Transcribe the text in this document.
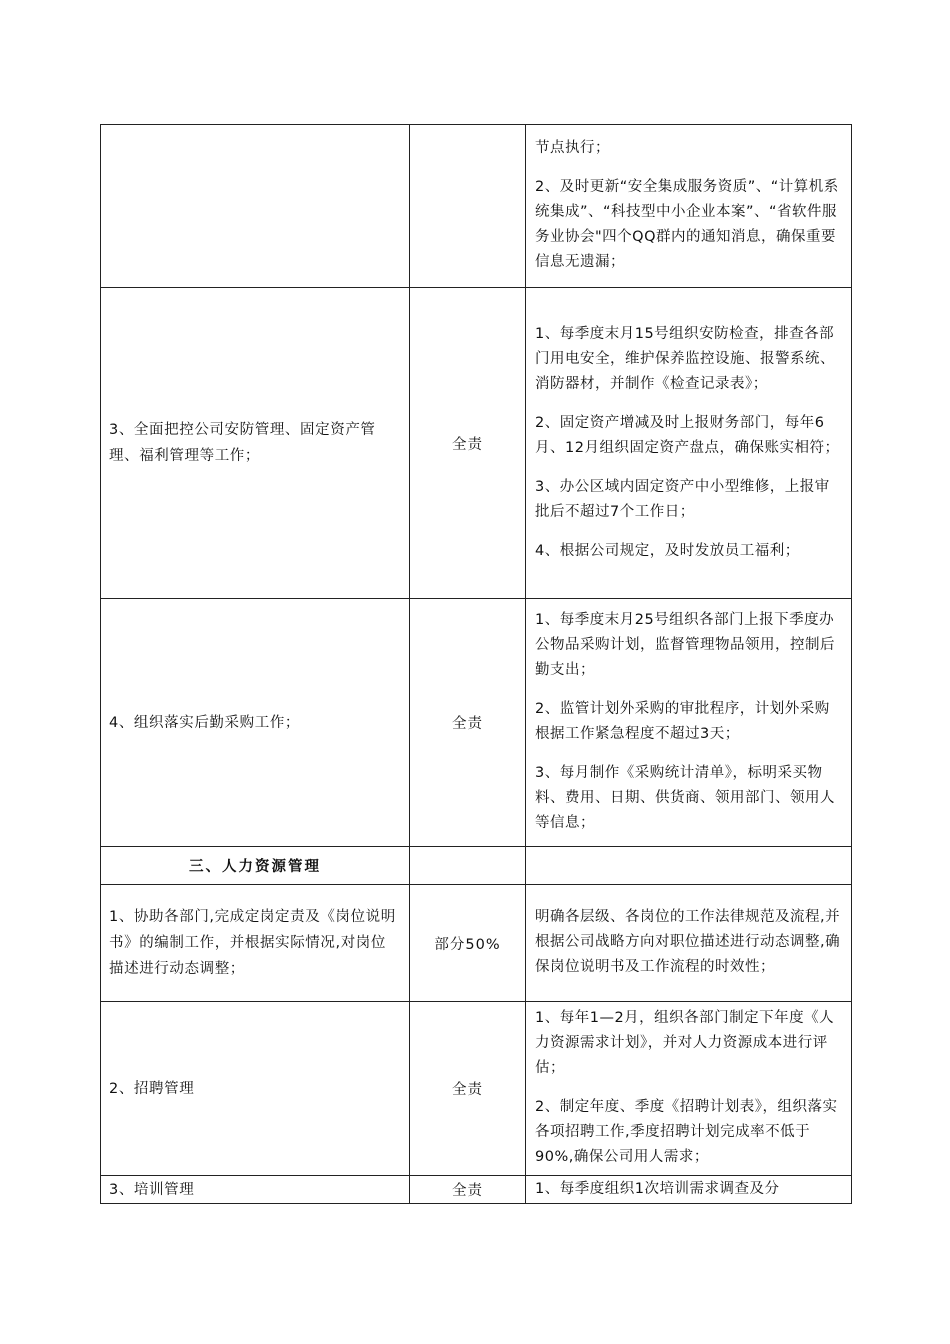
		节点执行；

2、及时更新“安全集成服务资质”、“计算机系统集成”、“科技型中小企业本案”、“省软件服务业协会"四个QQ群内的通知消息，确保重要信息无遗漏；

3、全面把控公司安防管理、固定资产管理、福利管理等工作；	全责	1、每季度末月15号组织安防检查，排查各部门用电安全，维护保养监控设施、报警系统、消防器材，并制作《检查记录表》；

2、固定资产增减及时上报财务部门，每年6月、12月组织固定资产盘点，确保账实相符；

3、办公区域内固定资产中小型维修，上报审批后不超过7个工作日；

4、根据公司规定，及时发放员工福利；

4、组织落实后勤采购工作；	全责	1、每季度末月25号组织各部门上报下季度办公物品采购计划，监督管理物品领用，控制后勤支出；

2、监管计划外采购的审批程序，计划外采购根据工作紧急程度不超过3天；

3、每月制作《采购统计清单》，标明采买物料、费用、日期、供货商、领用部门、领用人等信息；

三、人力资源管理		
1、协助各部门,完成定岗定责及《岗位说明书》的编制工作，并根据实际情况,对岗位描述进行动态调整；	部分50%	明确各层级、各岗位的工作法律规范及流程,并根据公司战略方向对职位描述进行动态调整,确保岗位说明书及工作流程的时效性；

2、招聘管理	全责	1、每年1—2月，组织各部门制定下年度《人力资源需求计划》，并对人力资源成本进行评估；

2、制定年度、季度《招聘计划表》，组织落实各项招聘工作,季度招聘计划完成率不低于90%,确保公司用人需求；

3、培训管理	全责	1、每季度组织1次培训需求调查及分
